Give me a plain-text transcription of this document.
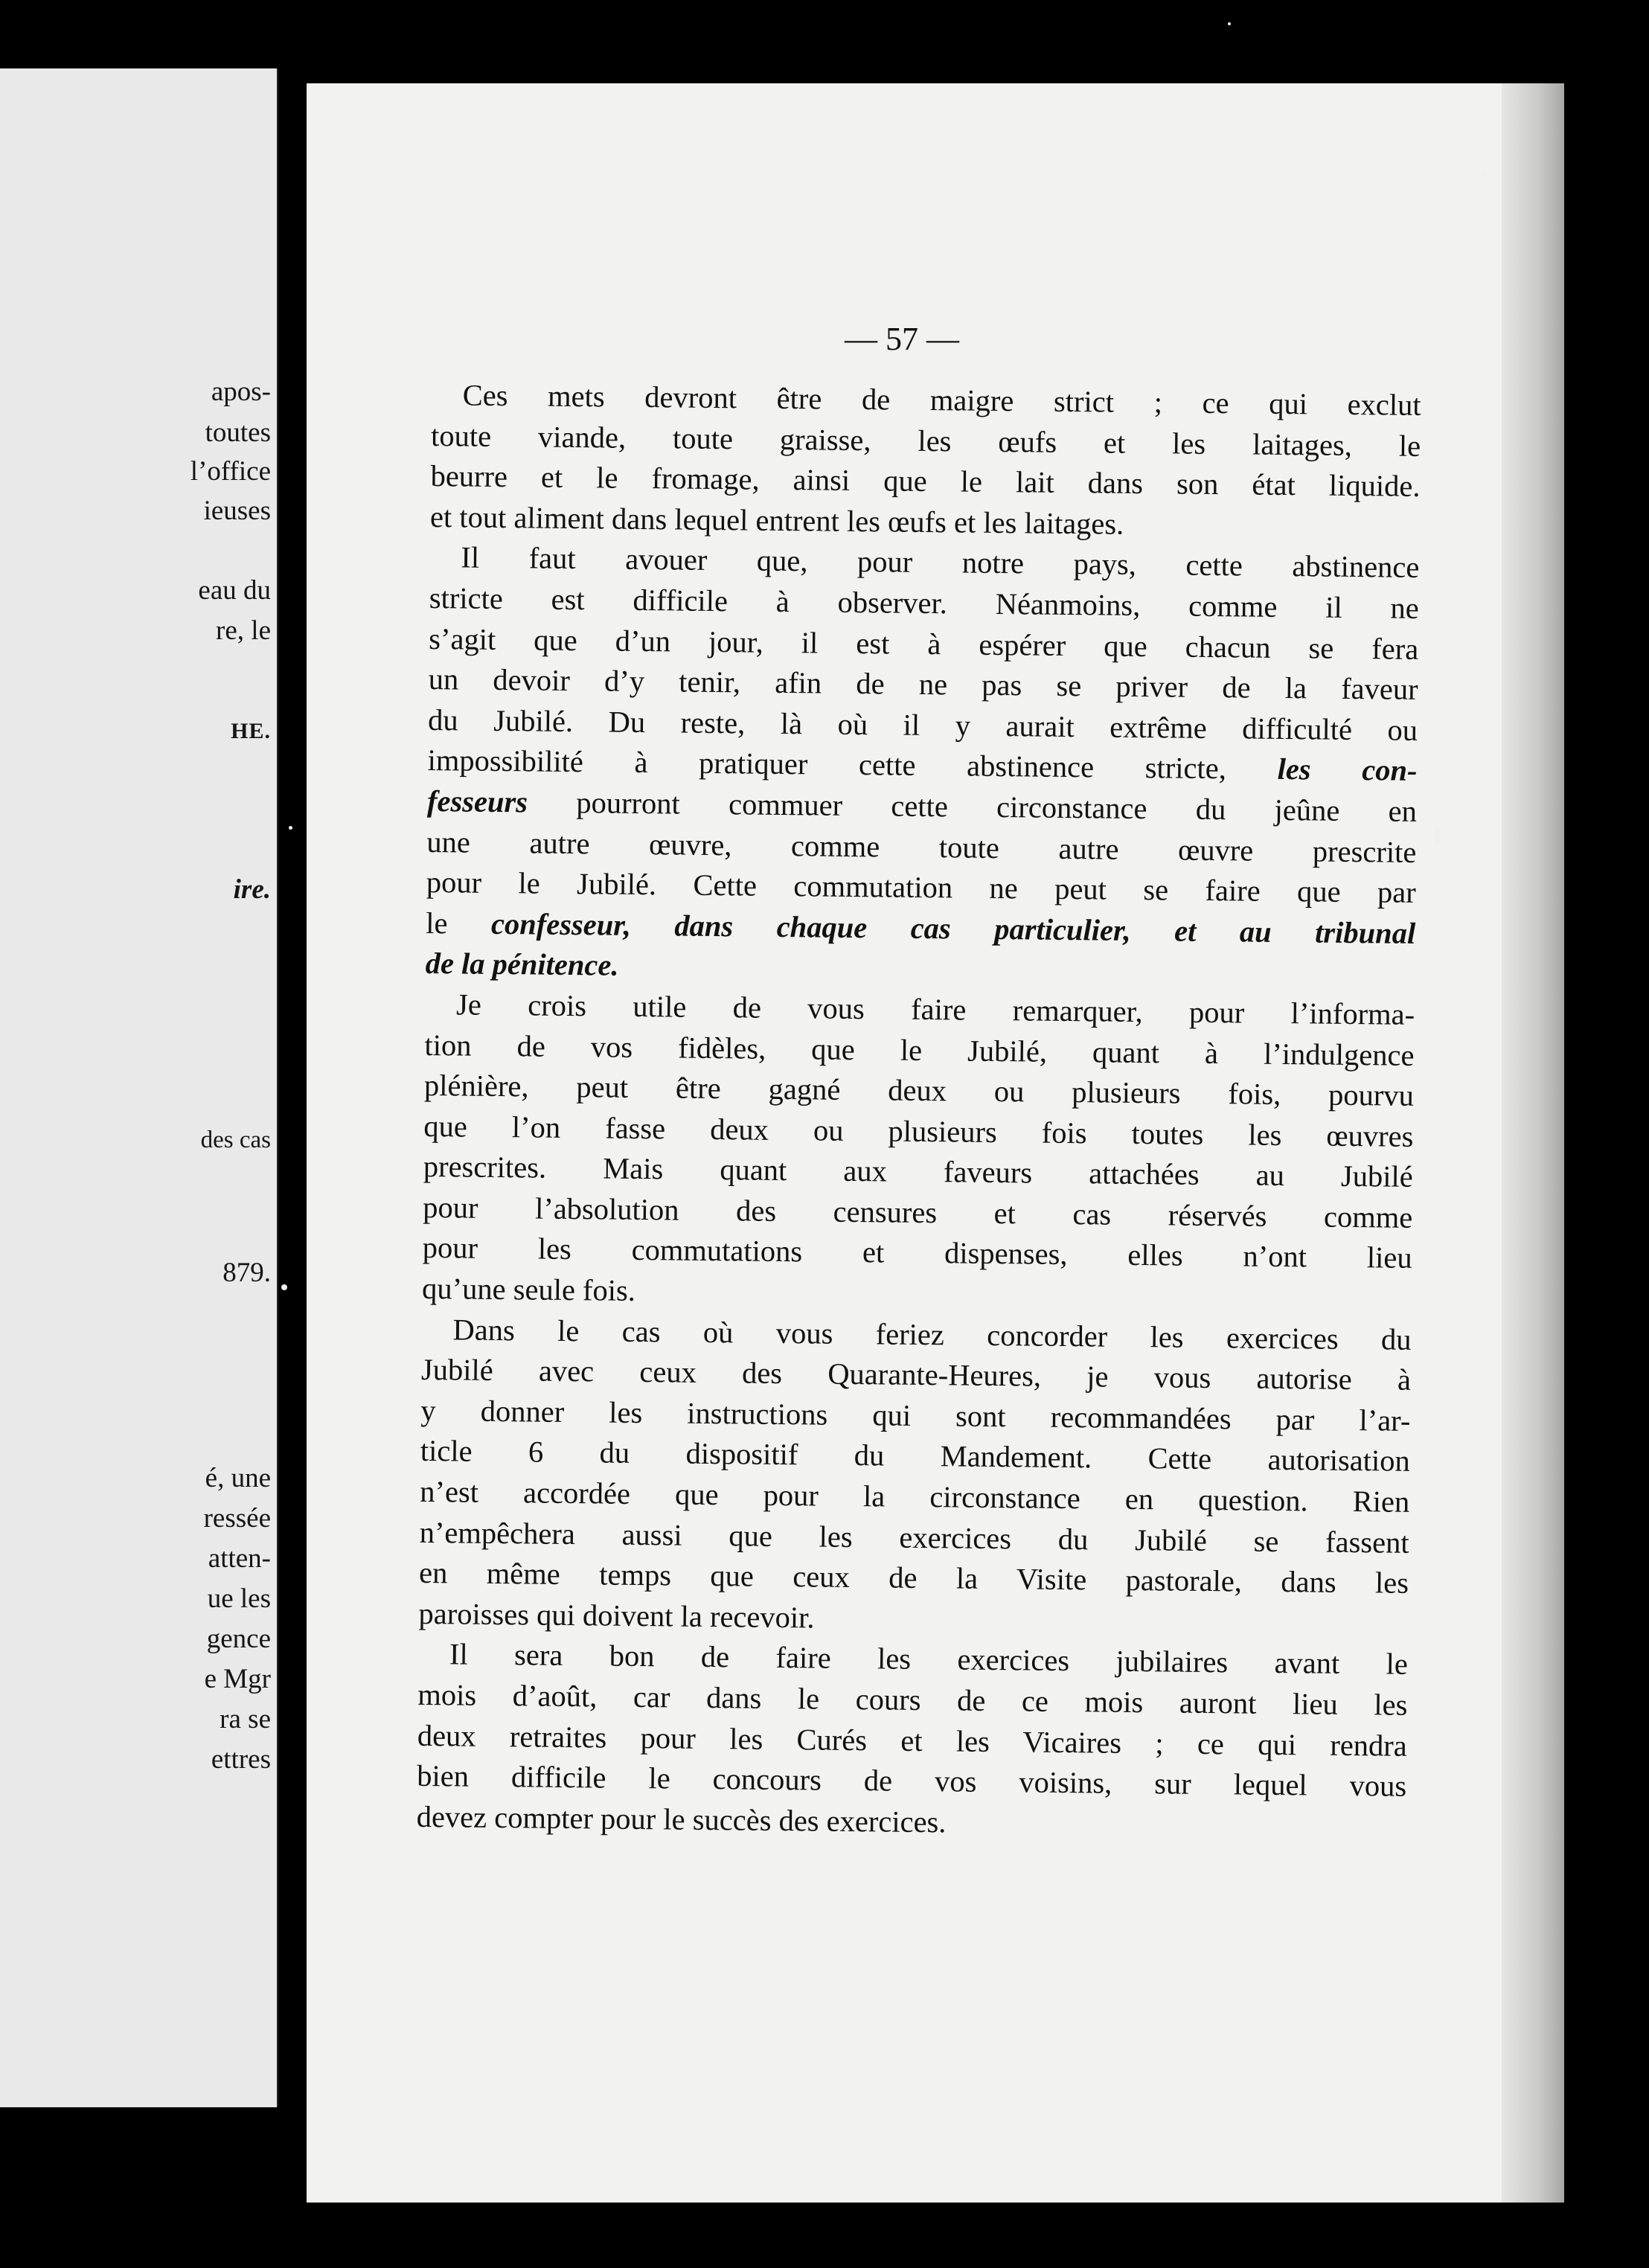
apos-
toutes
l’office
ieuses
eau du
re, le
HE.
ire.
des cas
879.
é, une
ressée
atten-
ue les
gence
e Mgr
ra se
ettres
— 57 —
Ces mets devront être de maigre strict ; ce qui exclut
toute viande, toute graisse, les œufs et les laitages, le
beurre et le fromage, ainsi que le lait dans son état liquide.
et tout aliment dans lequel entrent les œufs et les laitages.
Il faut avouer que, pour notre pays, cette abstinence
stricte est difficile à observer. Néanmoins, comme il ne
s’agit que d’un jour, il est à espérer que chacun se fera
un devoir d’y tenir, afin de ne pas se priver de la faveur
du Jubilé. Du reste, là où il y aurait extrême difficulté ou
impossibilité à pratiquer cette abstinence stricte, les con-
fesseurs pourront commuer cette circonstance du jeûne en
une autre œuvre, comme toute autre œuvre prescrite
pour le Jubilé. Cette commutation ne peut se faire que par
le confesseur, dans chaque cas particulier, et au tribunal
de la pénitence.
Je crois utile de vous faire remarquer, pour l’informa-
tion de vos fidèles, que le Jubilé, quant à l’indulgence
plénière, peut être gagné deux ou plusieurs fois, pourvu
que l’on fasse deux ou plusieurs fois toutes les œuvres
prescrites. Mais quant aux faveurs attachées au Jubilé
pour l’absolution des censures et cas réservés comme
pour les commutations et dispenses, elles n’ont lieu
qu’une seule fois.
Dans le cas où vous feriez concorder les exercices du
Jubilé avec ceux des Quarante-Heures, je vous autorise à
y donner les instructions qui sont recommandées par l’ar-
ticle 6 du dispositif du Mandement. Cette autorisation
n’est accordée que pour la circonstance en question. Rien
n’empêchera aussi que les exercices du Jubilé se fassent
en même temps que ceux de la Visite pastorale, dans les
paroisses qui doivent la recevoir.
Il sera bon de faire les exercices jubilaires avant le
mois d’août, car dans le cours de ce mois auront lieu les
deux retraites pour les Curés et les Vicaires ; ce qui rendra
bien difficile le concours de vos voisins, sur lequel vous
devez compter pour le succès des exercices.
